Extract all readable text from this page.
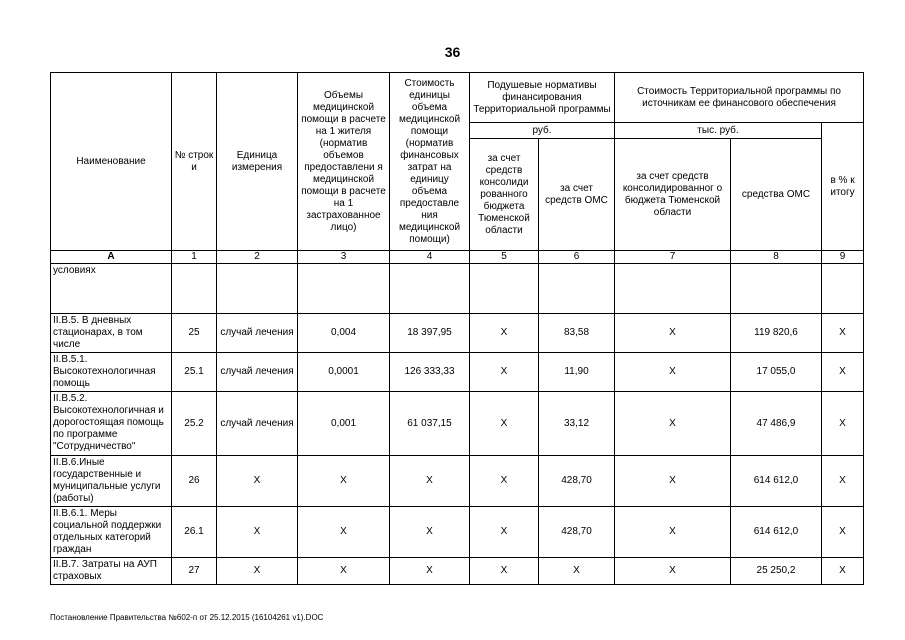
36
Наименование	№ строк и	Единица измерения	Объемы медицинской помощи в расчете на 1 жителя (норматив объемов предоставлени я медицинской помощи в расчете на 1 застрахованное лицо)	Стоимость единицы объема медицинской помощи (норматив финансовых затрат на единицу объема предоставле ния медицинской помощи)	Подушевые нормативы финансирования Территориальной программы		Стоимость Территориальной программы по источникам ее финансового обеспечения		
					руб.		тыс. руб.		в % к итогу
					за счет средств консолиди рованного бюджета Тюменской области	за счет средств ОМС	за счет средств консолидированног о бюджета Тюменской области	средства ОМС	
А	1	2	3	4	5	6	7	8	9
условиях									
II.В.5. В дневных стационарах, в том числе	25	случай лечения	0,004	18 397,95	X	83,58	X	119 820,6	X
II.В.5.1. Высокотехнологичная помощь	25.1	случай лечения	0,0001	126 333,33	X	11,90	X	17 055,0	X
II.В.5.2. Высокотехнологичная и дорогостоящая помощь по программе "Сотрудничество"	25.2	случай лечения	0,001	61 037,15	X	33,12	X	47 486,9	X
II.В.6.Иные государственные и муниципальные услуги (работы)	26	X	X	X	X	428,70	X	614 612,0	X
II.В.6.1. Меры социальной поддержки отдельных категорий граждан	26.1	X	X	X	X	428,70	X	614 612,0	X
II.В.7. Затраты на АУП страховых	27	X	X	X	X	X	X	25 250,2	X
Постановление Правительства №602-п от 25.12.2015 (16104261 v1).DOC
